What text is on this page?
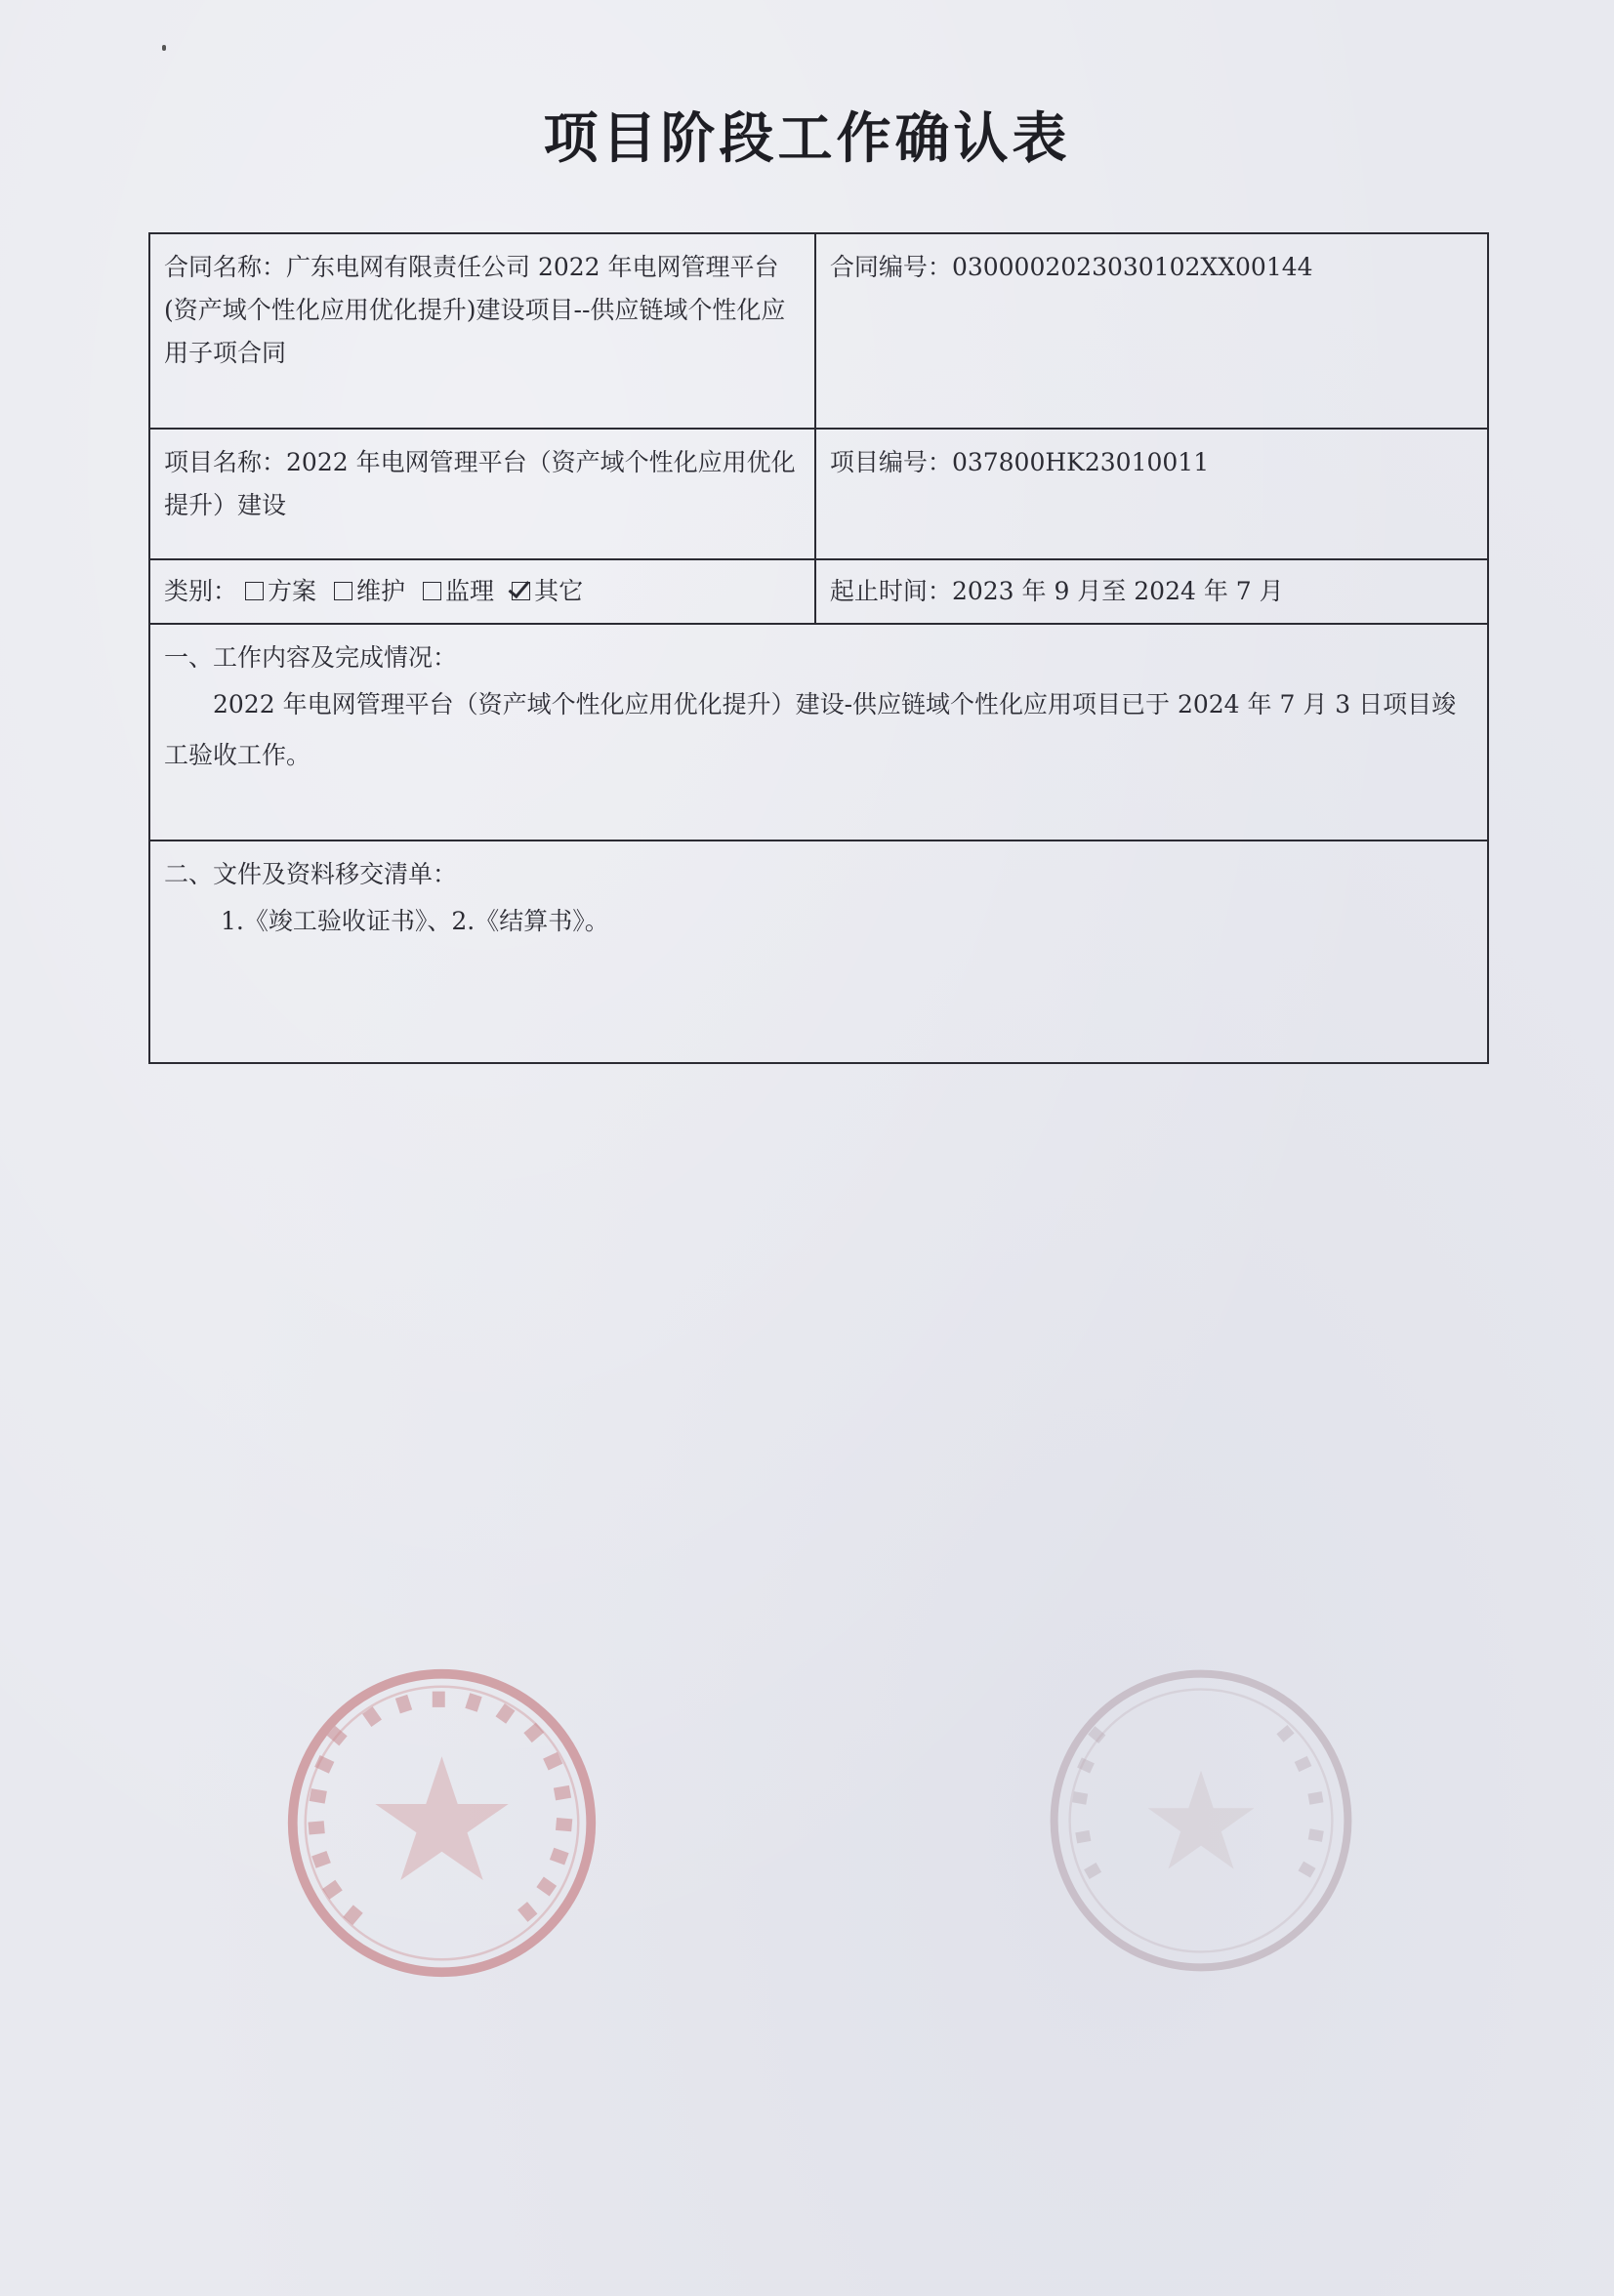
项目阶段工作确认表
合同名称：广东电网有限责任公司 2022 年电网管理平台(资产域个性化应用优化提升)建设项目--供应链域个性化应用子项合同	合同编号：0300002023030102XX00144
项目名称：2022 年电网管理平台（资产域个性化应用优化提升）建设	项目编号：037800HK23010011
类别： 方案 维护 监理 其它	起止时间：2023 年 9 月至 2024 年 7 月

一、工作内容及完成情况：
2022 年电网管理平台（资产域个性化应用优化提升）建设-供应链域个性化应用项目已于 2024 年 7 月 3 日项目竣工验收工作。	

二、文件及资料移交清单：
1.《竣工验收证书》、2.《结算书》。	
